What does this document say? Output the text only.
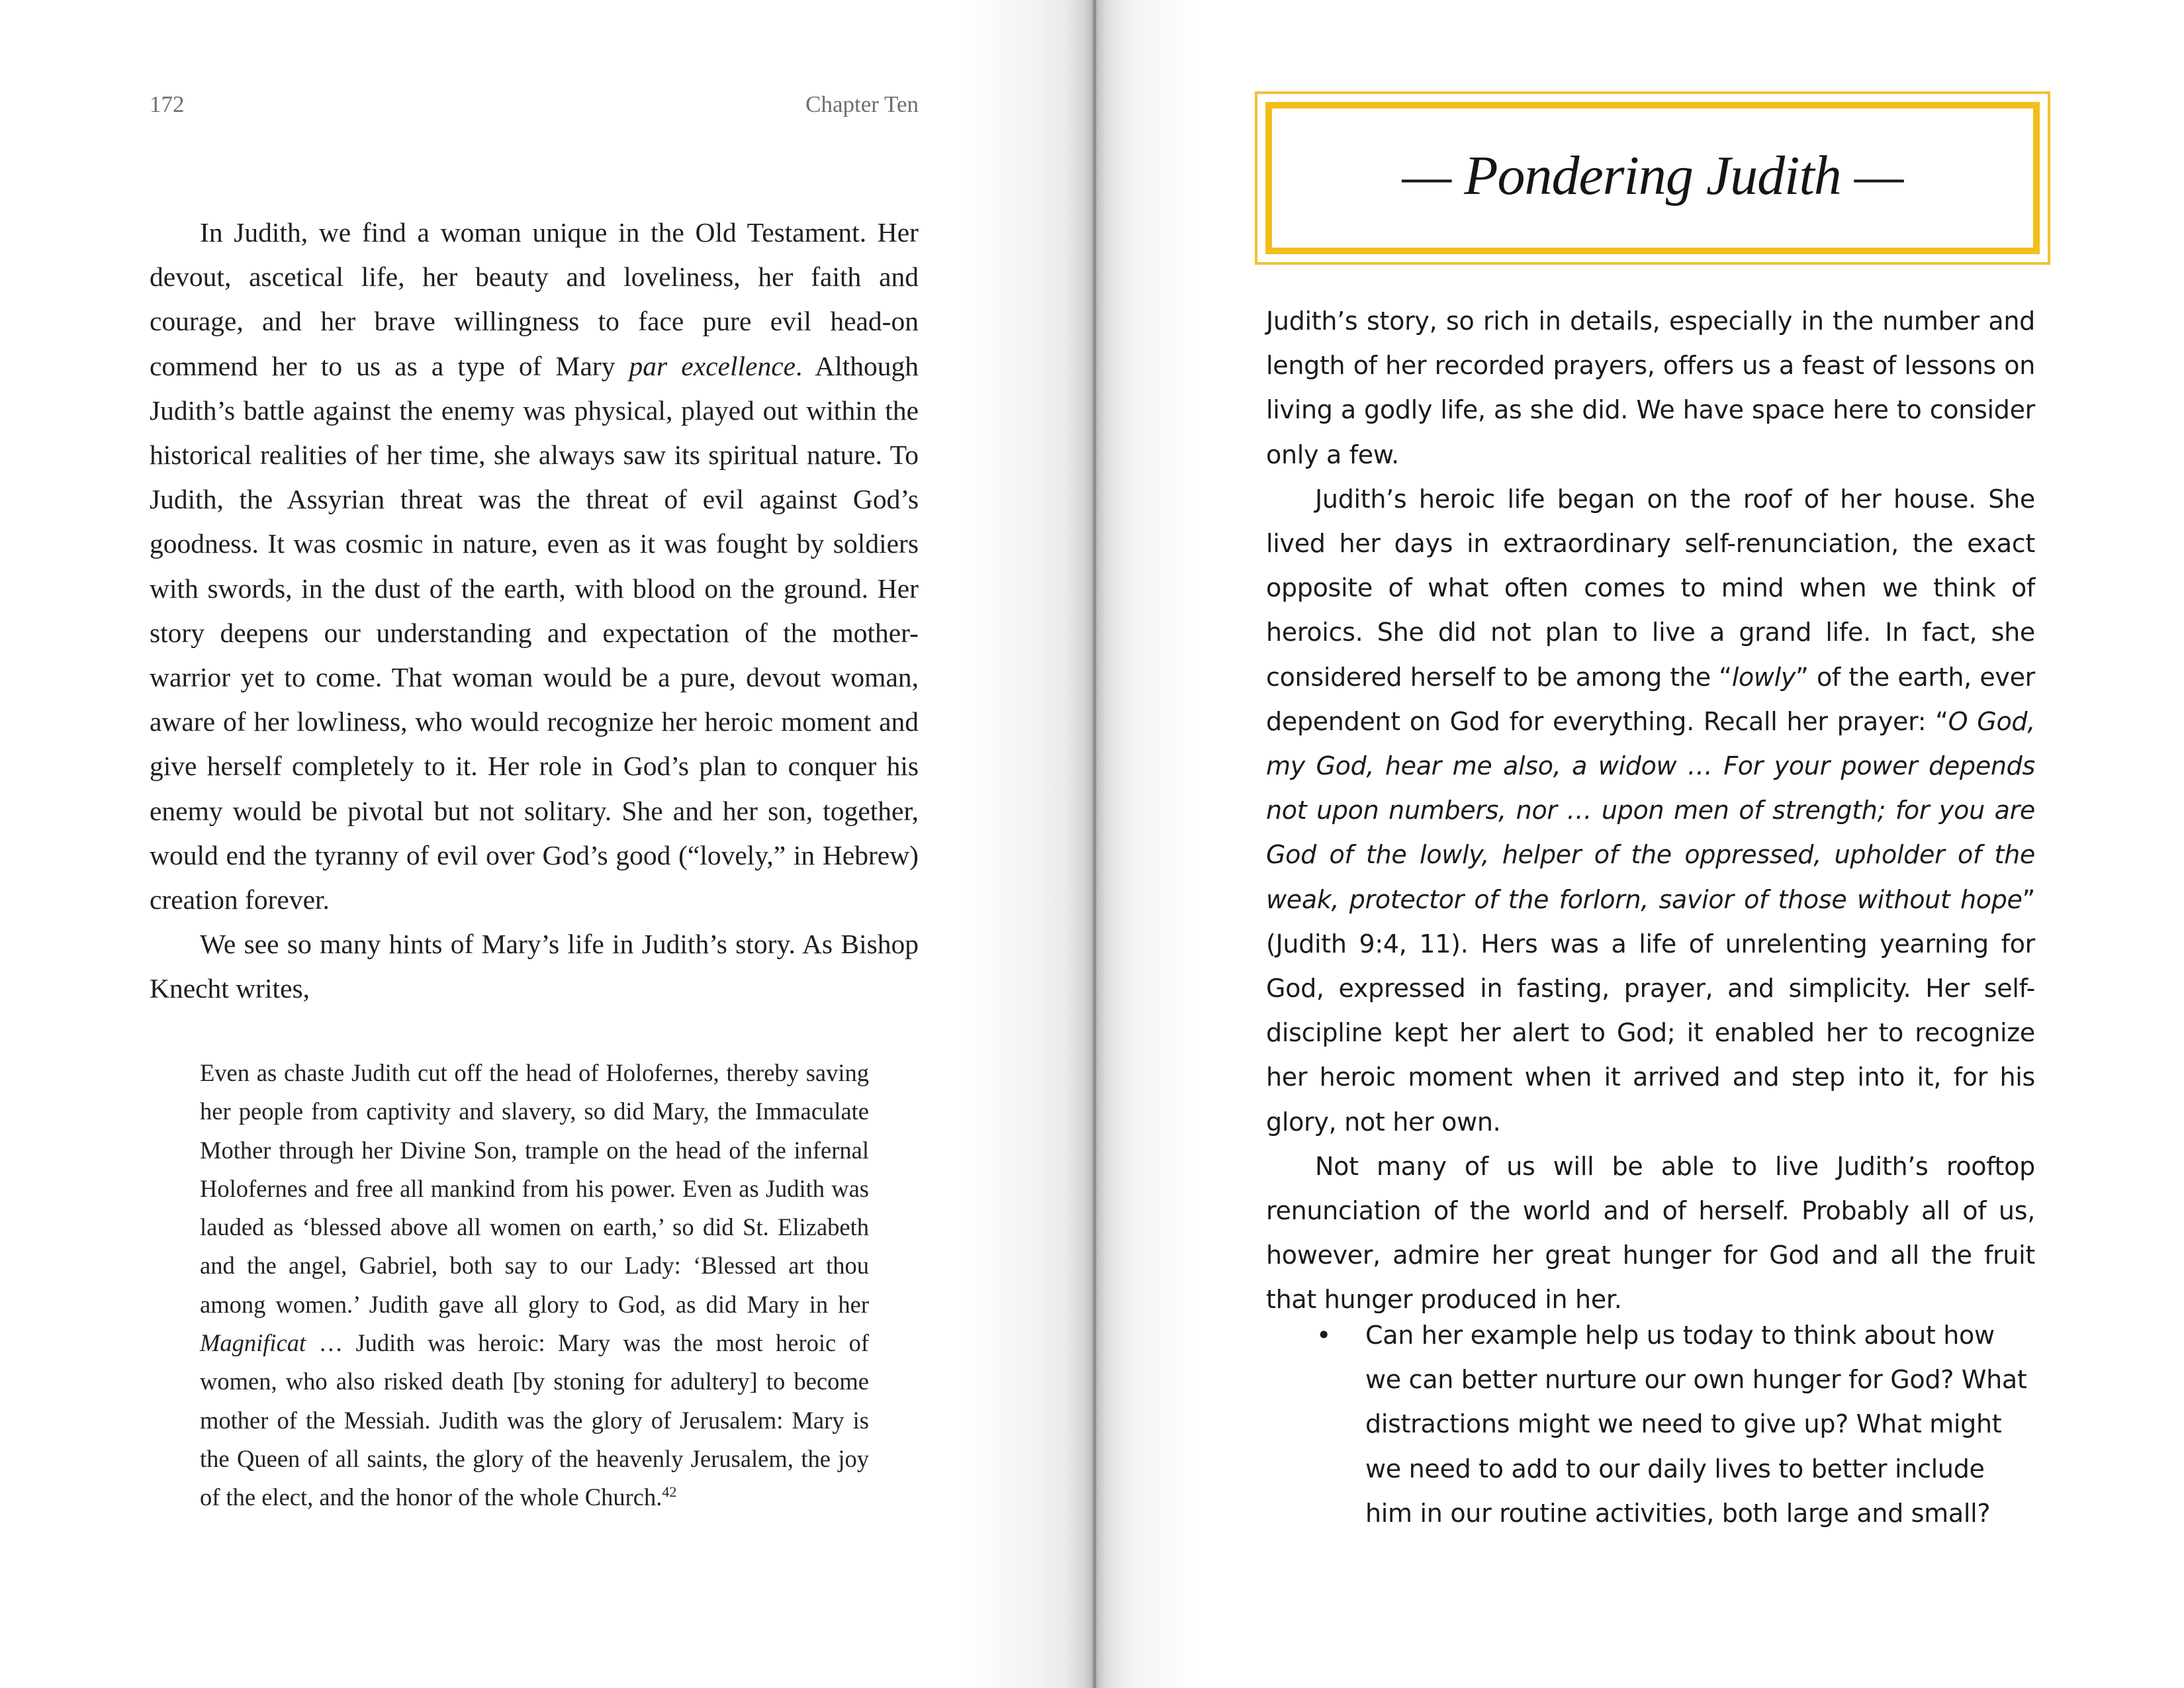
172	Chapter Ten

In Judith, we find a woman unique in the Old Testament. Her devout, ascetical life, her beauty and loveliness, her faith and courage, and her brave willingness to face pure evil head-on commend her to us as a type of Mary par excellence. Although Judith’s battle against the enemy was physical, played out within the historical realities of her time, she always saw its spiritual nature. To Judith, the Assyrian threat was the threat of evil against God’s goodness. It was cosmic in nature, even as it was fought by soldiers with swords, in the dust of the earth, with blood on the ground. Her story deepens our understanding and expectation of the mother-warrior yet to come. That woman would be a pure, devout woman, aware of her lowliness, who would recognize her heroic moment and give herself completely to it. Her role in God’s plan to conquer his enemy would be pivotal but not solitary. She and her son, together, would end the tyranny of evil over God’s good (“lovely,” in Hebrew) creation forever.

We see so many hints of Mary’s life in Judith’s story. As Bishop Knecht writes,

Even as chaste Judith cut off the head of Holofernes, thereby saving her people from captivity and slavery, so did Mary, the Immaculate Mother through her Divine Son, trample on the head of the infernal Holofernes and free all mankind from his power. Even as Judith was lauded as ‘blessed above all women on earth,’ so did St. Elizabeth and the angel, Gabriel, both say to our Lady: ‘Blessed art thou among women.’ Judith gave all glory to God, as did Mary in her Magnificat … Judith was heroic: Mary was the most heroic of women, who also risked death [by stoning for adultery] to become mother of the Messiah. Judith was the glory of Jerusalem: Mary is the Queen of all saints, the glory of the heavenly Jerusalem, the joy of the elect, and the honor of the whole Church.$^{42}$

— Pondering Judith —

Judith’s story, so rich in details, especially in the number and length of her recorded prayers, offers us a feast of lessons on living a godly life, as she did. We have space here to consider only a few.

Judith’s heroic life began on the roof of her house. She lived her days in extraordinary self-renunciation, the exact opposite of what often comes to mind when we think of heroics. She did not plan to live a grand life. In fact, she considered herself to be among the “lowly” of the earth, ever dependent on God for everything. Recall her prayer: “O God, my God, hear me also, a widow … For your power depends not upon numbers, nor … upon men of strength; for you are God of the lowly, helper of the oppressed, upholder of the weak, protector of the forlorn, savior of those without hope” (Judith 9:4, 11). Hers was a life of unrelenting yearning for God, expressed in fasting, prayer, and simplicity. Her self-discipline kept her alert to God; it enabled her to recognize her heroic moment when it arrived and step into it, for his glory, not her own.

Not many of us will be able to live Judith’s rooftop renunciation of the world and of herself. Probably all of us, however, admire her great hunger for God and all the fruit that hunger produced in her.

• Can her example help us today to think about how we can better nurture our own hunger for God? What distractions might we need to give up? What might we need to add to our daily lives to better include him in our routine activities, both large and small?
